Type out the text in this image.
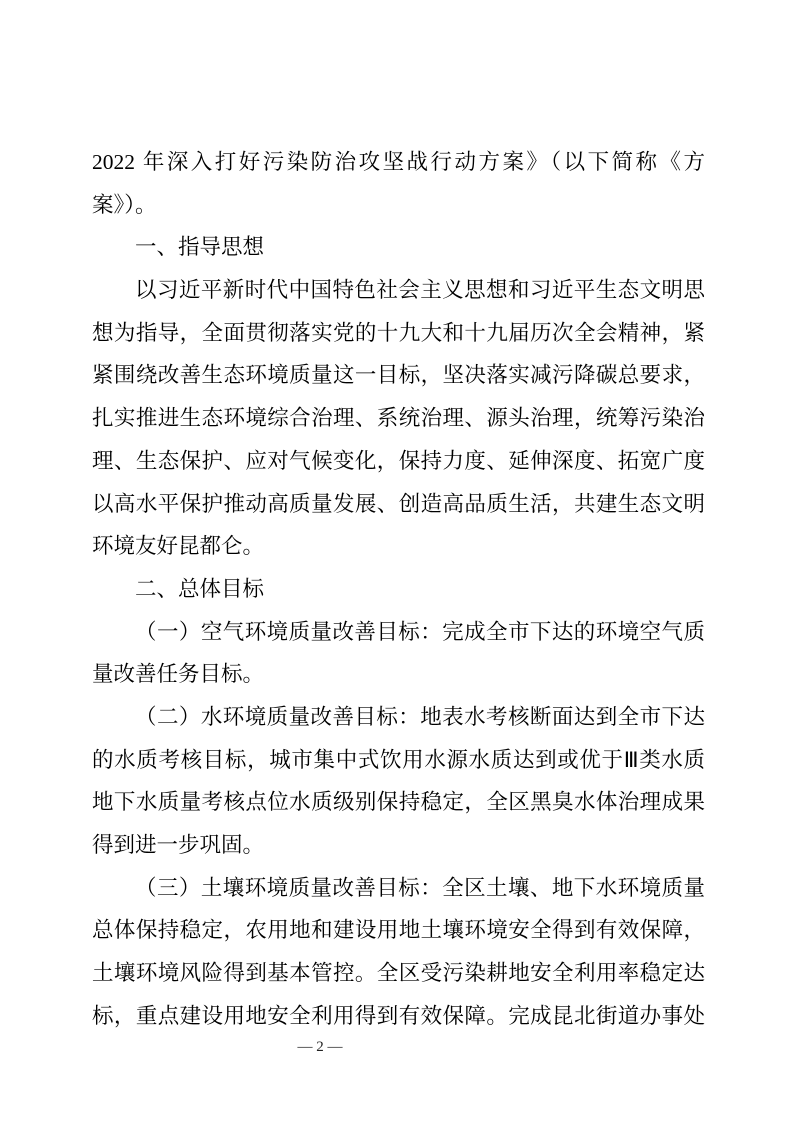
2022 年深入打好污染防治攻坚战行动方案》（以下简称《方
案》）。
一、指导思想
以习近平新时代中国特色社会主义思想和习近平生态文明思
想为指导，全面贯彻落实党的十九大和十九届历次全会精神，紧
紧围绕改善生态环境质量这一目标，坚决落实减污降碳总要求，
扎实推进生态环境综合治理、系统治理、源头治理，统筹污染治
理、生态保护、应对气候变化，保持力度、延伸深度、拓宽广度
以高水平保护推动高质量发展、创造高品质生活，共建生态文明
环境友好昆都仑。
二、总体目标
（一）空气环境质量改善目标：完成全市下达的环境空气质
量改善任务目标。
（二）水环境质量改善目标：地表水考核断面达到全市下达
的水质考核目标，城市集中式饮用水源水质达到或优于Ⅲ类水质
地下水质量考核点位水质级别保持稳定，全区黑臭水体治理成果
得到进一步巩固。
（三）土壤环境质量改善目标：全区土壤、地下水环境质量
总体保持稳定，农用地和建设用地土壤环境安全得到有效保障，
土壤环境风险得到基本管控。全区受污染耕地安全利用率稳定达
标，重点建设用地安全利用得到有效保障。完成昆北街道办事处
— 2 —
